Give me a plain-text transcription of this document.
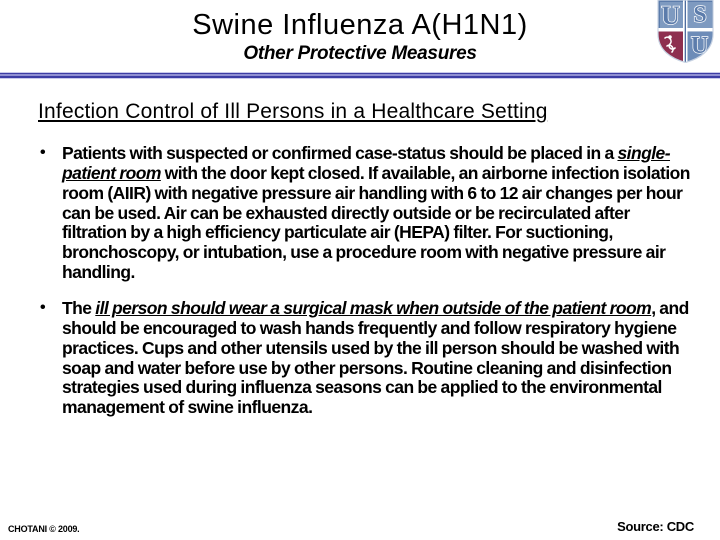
Swine Influenza A(H1N1)
Other Protective Measures
U S
U
Infection Control of Ill Persons in a Healthcare Setting
• Patients with suspected or confirmed case-status should be placed in a single-patient room with the door kept closed. If available, an airborne infection isolation room (AIIR) with negative pressure air handling with 6 to 12 air changes per hour can be used. Air can be exhausted directly outside or be recirculated after filtration by a high efficiency particulate air (HEPA) filter. For suctioning, bronchoscopy, or intubation, use a procedure room with negative pressure air handling.
• The ill person should wear a surgical mask when outside of the patient room, and should be encouraged to wash hands frequently and follow respiratory hygiene practices. Cups and other utensils used by the ill person should be washed with soap and water before use by other persons. Routine cleaning and disinfection strategies used during influenza seasons can be applied to the environmental management of swine influenza.
CHOTANI © 2009.	Source: CDC
